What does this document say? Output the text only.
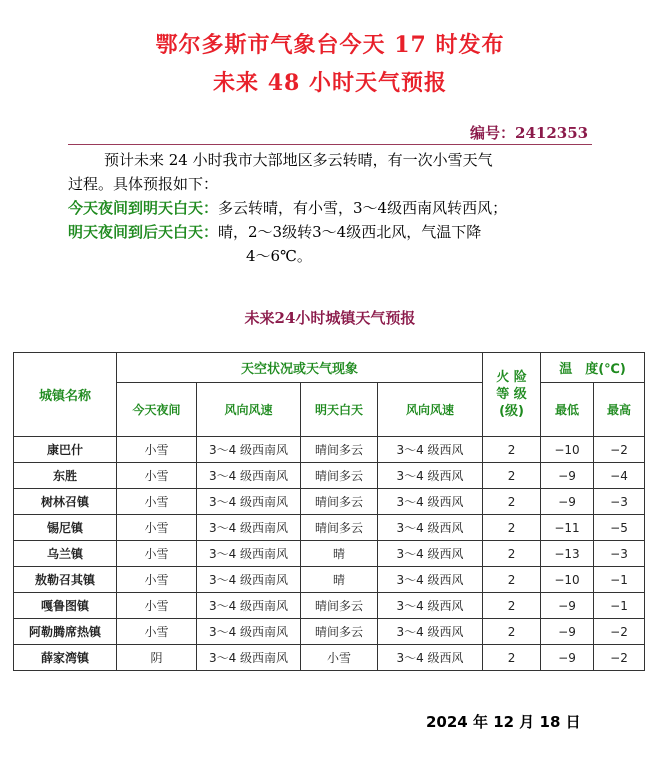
鄂尔多斯市气象台今天 17 时发布
未来 48 小时天气预报
编号：2412353
预计未来 24 小时我市大部地区多云转晴，有一次小雪天气
过程。具体预报如下：
今天夜间到明天白天：多云转晴，有小雪，3～4级西南风转西风；
明天夜间到后天白天：晴，2～3级转3～4级西北风，气温下降
4～6℃。
未来24小时城镇天气预报
城镇名称	天空状况或天气现象				火 险 等 级 (级)	温　度(℃)	
	今天夜间	风向风速	明天白天	风向风速		最低	最高
康巴什	小雪	3～4 级西南风	晴间多云	3～4 级西风	2	−10	−2
东胜	小雪	3～4 级西南风	晴间多云	3～4 级西风	2	−9	−4
树林召镇	小雪	3～4 级西南风	晴间多云	3～4 级西风	2	−9	−3
锡尼镇	小雪	3～4 级西南风	晴间多云	3～4 级西风	2	−11	−5
乌兰镇	小雪	3～4 级西南风	晴	3～4 级西风	2	−13	−3
敖勒召其镇	小雪	3～4 级西南风	晴	3～4 级西风	2	−10	−1
嘎鲁图镇	小雪	3～4 级西南风	晴间多云	3～4 级西风	2	−9	−1
阿勒腾席热镇	小雪	3～4 级西南风	晴间多云	3～4 级西风	2	−9	−2
薛家湾镇	阴	3～4 级西南风	小雪	3～4 级西风	2	−9	−2
2024 年 12 月 18 日
